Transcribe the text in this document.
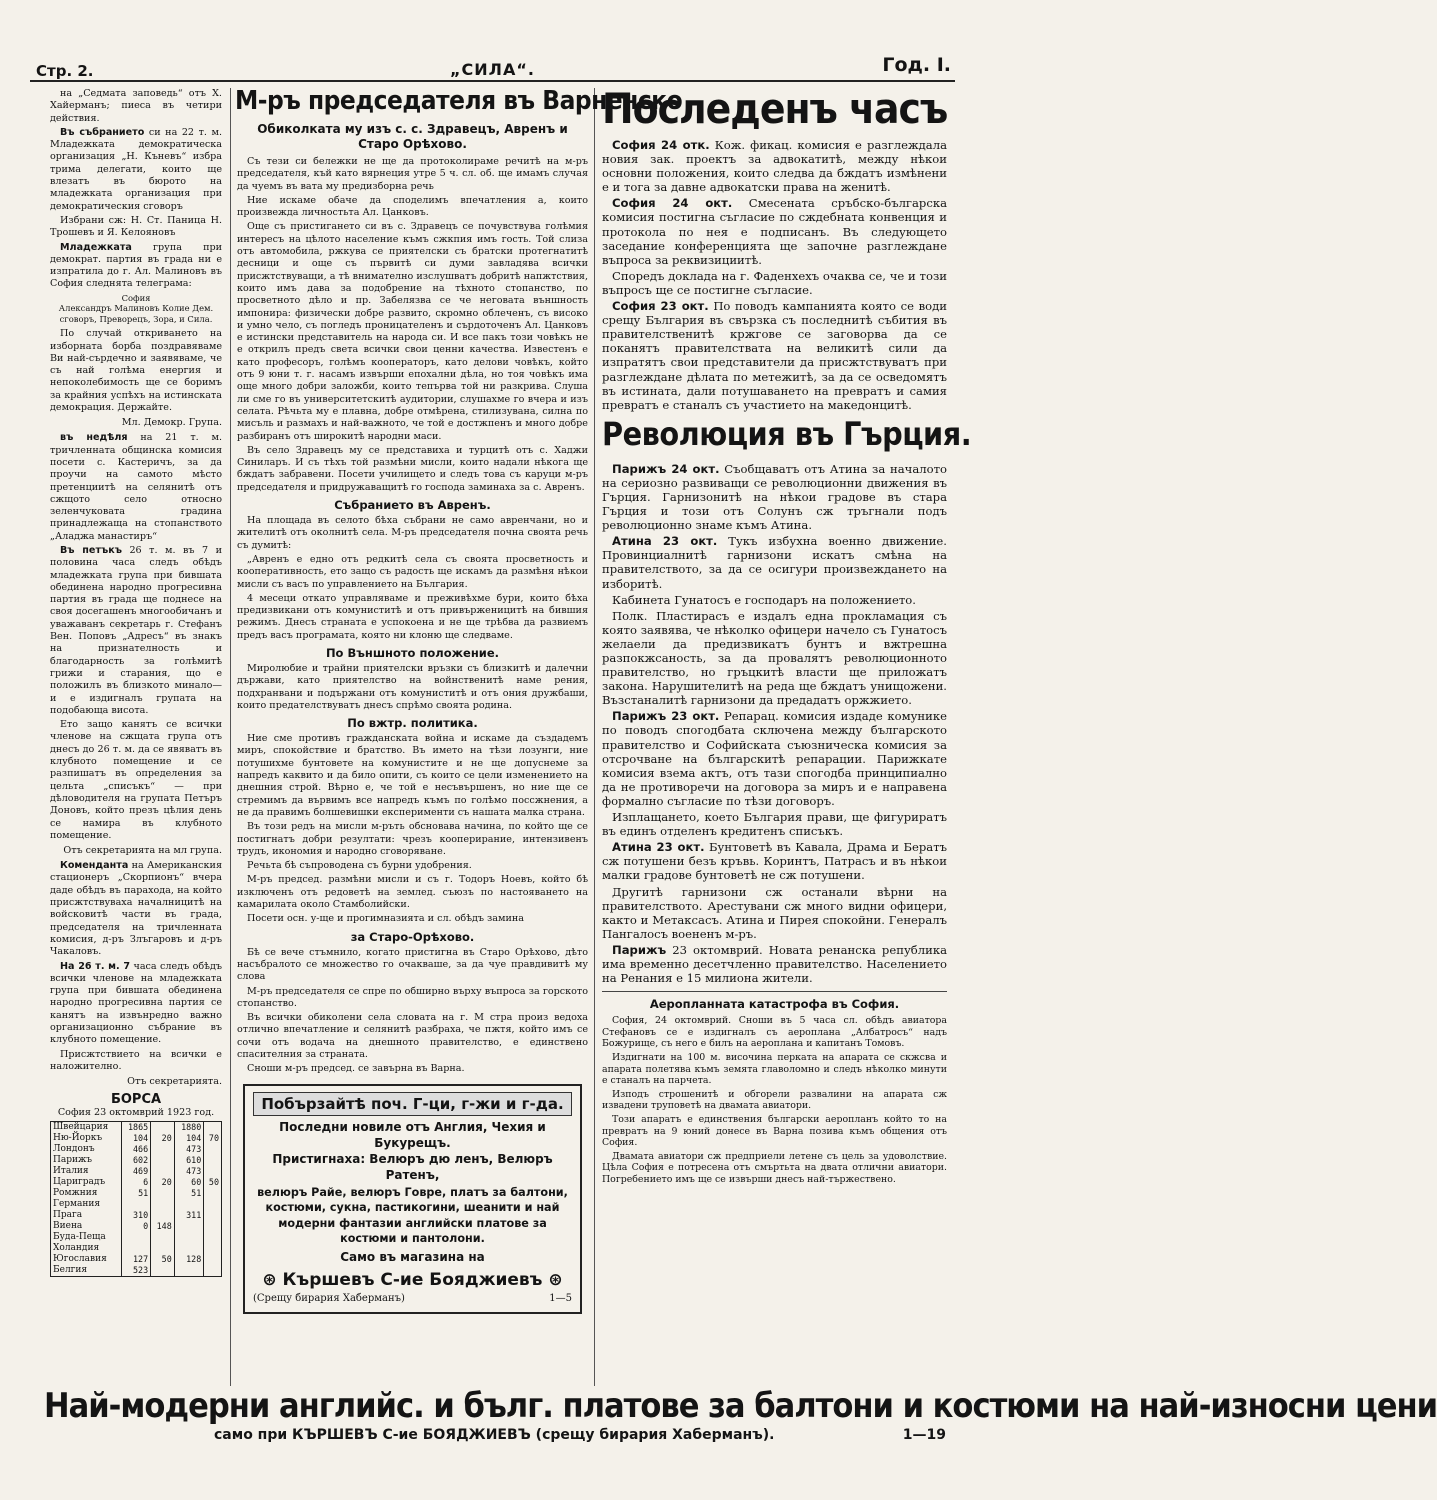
Стр. 2.	„СИЛА“.	Год. I.

на „Седмата заповедь“ отъ Х. Хайерманъ; пиеса въ четири действия.

Въ събранието си на 22 т. м. Младежката демократическа организация „Н. Къневъ“ избра трима делегати, които ще влезатъ въ бюрото на младежката организация при демократическия сговоръ

Избрани сж: Н. Ст. Паница Н. Трошевъ и Я. Келояновъ

Младежката група при демократ. партия въ града ни е изпратила до г. Ал. Малиновъ въ София следнята телеграма:

София
Александръ Малиновъ Колие Дем. сговоръ, Преворецъ, Зора, и Сила.

По случай откриването на изборната борба поздравяваме Ви най-сърдечно и заявяваме, че съ най голѣма енергия и непоколебимость ще се боримъ за крайния успѣхъ на истинската демокрация. Держайте.

Мл. Демокр. Група.

въ недѣля на 21 т. м. тричленната общинска комисия посети с. Кастеричъ, за да проучи на самото мѣсто претенциитѣ на селянитѣ отъ сжщото село относно зеленчуковата градина принадлежаща на стопанството „Аладжа манастиръ“

Въ петъкъ 26 т. м. въ 7 и половина часа следъ обѣдъ младежката група при бившата обединена народно прогресивна партия въ града ще поднесе на своя досегашенъ многообичанъ и уважаванъ секретарь г. Стефанъ Вен. Поповъ „Адресъ“ въ знакъ на признателность и благодарность за голѣмитѣ грижи и старания, що е положилъ въ близкото минало—и е издигналъ групата на подобающа висота.

Ето защо канятъ се всички членове на сжщата група отъ днесъ до 26 т. м. да се явяватъ въ клубното помещение и се разпишатъ въ определения за цельта „списъкъ“ — при дѣловодителя на групата Петъръ Доновъ, който презъ цѣлия день се намира въ клубното помещение.

Отъ секретарията на мл група.

Коменданта на Американския стационеръ „Скорпионъ“ вчера даде обѣдъ въ парахода, на който присжтствуваха началницитѣ на войсковитѣ части въ града, председателя на тричленната комисия, д-ръ Злъгаровъ и д-ръ Чакаловъ.

На 26 т. м. 7 часа следъ обѣдъ всички членове на младежката група при бившата обединена народно прогресивна партия се канятъ на извънредно важно организационно събрание въ клубното помещение.

Присжтствието на всички е наложително.

Отъ секретарията.
БОРСА
София 23 октомврий 1923 год.
Швейцария	1865		1880	
Ню-Йоркъ	104	20	104	70
Лондонъ	466		473	
Парижъ	602		610	
Италия	469		473	
Цариградъ	6	20	60	50
Ромжния	51		51	
Германия				
Прага	310		311	
Виена	0	148		
Буда-Пеща				
Холандия				
Югославия	127	50	128	
Белгия	523			
М-ръ председателя въ Варненско
Обиколката му изъ с. с. Здравецъ, Авренъ и Старо Орѣхово.

Съ тези си бележки не ще да протоколираме речитѣ на м-ръ председателя, къй като вярнеция утре 5 ч. сл. об. ще имамъ случая да чуемъ въ вата му предизборна речь

Ние искаме обаче да споделимъ впечатления а, които произвежда личностьта Ал. Цанковъ.

Още съ пристигането си въ с. Здравецъ се почувствува голѣмия интересъ на цѣлото население къмъ сжкпия имъ гость. Той слиза отъ автомобила, ржкува се приятелски съ братски протегнатитѣ десници и още съ първитѣ си думи завладява всички присжтствуващи, а тѣ внимателно изслушватъ добритѣ напжтствия, които имъ дава за подобрение на тѣхното стопанство, по просветното дѣло и пр. Забелязва се че неговата външность импонира: физически добре развито, скромно облеченъ, съ високо и умно чело, съ погледъ проницателенъ и сърдоточенъ Ал. Цанковъ е истински представитель на народа си. И все пакъ този човѣкъ не е открилъ предъ света всички свои ценни качества. Известенъ е като професоръ, голѣмъ кооператоръ, като делови човѣкъ, който отъ 9 юни т. г. насамъ извърши епохални дѣла, но тоя човѣкъ има още много добри заложби, които тепърва той ни разкрива. Слуша ли сме го въ университетскитѣ аудитории, слушахме го вчера и изъ селата. Рѣчьта му е плавна, добре отмѣрена, стилизувана, силна по мисъль и размахъ и най-важното, че той е достжпенъ и много добре разбиранъ отъ широкитѣ народни маси.

Въ село Здравецъ му се представиха и турцитѣ отъ с. Хаджи Синиларъ. И съ тѣхъ той размѣни мисли, които надали нѣкога ще бждатъ забравени. Посети училището и следъ това съ каруци м-ръ председателя и придружаващитѣ го господа заминаха за с. Авренъ.

Събранието въ Авренъ.

На площада въ селото бѣха събрани не само авренчани, но и жителитѣ отъ околнитѣ села. М-ръ председателя почна своята речь съ думитѣ:

„Авренъ е едно отъ редкитѣ села съ своята просветность и кооперативность, ето защо съ радость ще искамъ да размѣня нѣкои мисли съ васъ по управлението на България.

4 месеци откато управляваме и преживѣхме бури, които бѣха предизвикани отъ комуниститѣ и отъ привърженицитѣ на бившия режимъ. Днесъ страната е успокоена и не ще трѣбва да развиемъ предъ васъ програмата, която ни клоню ще следваме.

По Външното положение.

Миролюбие и трайни приятелски връзки съ близкитѣ и далечни държави, като приятелство на войнственитѣ наме рения, подхранвани и подържани отъ комуниститѣ и отъ ония дружбаши, които предателствуватъ днесъ спрѣмо своята родина.

По вжтр. политика.

Ние сме противъ гражданската война и искаме да създадемъ миръ, спокойствие и братство. Въ името на тѣзи лозунги, ние потушихме бунтовете на комунистите и не ще допуснеме за напредъ каквито и да било опити, съ които се цели изменението на днешния строй. Вѣрно е, че той е несъвършенъ, но ние ще се стремимъ да вървимъ все напредъ къмъ по голѣмо поссжнения, а не да правимъ болшевишки експерименти съ нашата малка страна.

Въ този редъ на мисли м-ръть обсновава начина, по който ще се постигнатъ добри резултати: чрезъ кооперирание, интензивенъ трудъ, икономия и народно сговоряване.

Речьта бѣ съпроводена съ бурни удобрения.

М-ръ председ. размѣни мисли и съ г. Тодоръ Ноевъ, който бѣ изключенъ отъ редоветѣ на землед. съюзъ по настояването на камарилата около Стамболийски.

Посети осн. у-ще и прогимназията и сл. обѣдъ замина

за Старо-Орѣхово.

Бѣ се вече стъмнило, когато пристигна въ Старо Орѣхово, дѣто насъбралото се множество го очакваше, за да чуе правдивитѣ му слова

М-ръ председателя се спре по обширно върху въпроса за горското стопанство.

Въ всички обиколени села словата на г. М стра произ ведоха отлично впечатление и селянитѣ разбраха, че пжтя, който имъ се сочи отъ водача на днешното правителство, е единствено спасителния за страната.

Сноши м-ръ председ. се завърна въ Варна.

Побързайтѣ поч. Г-ци, г-жи и г-да.
Последни новиле отъ Англия, Чехия и Букурещъ.
Пристигнаха: Велюръ дю ленъ, Велюръ Ратенъ,
велюръ Райе, велюръ Говре, платъ за балтони, костюми, сукна, пастикогини, шеанити и най модерни фантазии английски платове за костюми и пантолони.
Само въ магазина на
⊛ Кършевъ С-ие Бояджиевъ ⊛
(Срещу бирария Хаберманъ)	1—5
Последенъ часъ

София 24 отк. Кож. фикац. комисия е разглеждала новия зак. проектъ за адвокатитѣ, между нѣкои основни положения, които следва да бждатъ измѣнени е и тога за давне адвокатски права на женитѣ.

София 24 окт. Смесената сръбско-българска комисия постигна съгласие по сждебната конвенция и протокола по нея е подписанъ. Въ следующето заседание конференцията ще започне разглеждане въпроса за реквизициитѣ.

Споредъ доклада на г. Фаденхехъ очаква се, че и този въпросъ ще се постигне съгласие.

София 23 окт. По поводъ кампанията която се води срещу България въ свързка съ последнитѣ събития въ правителственитѣ кржгове се заговорва да се поканятъ правителствата на великитѣ сили да изпратятъ свои представители да присжтствуватъ при разглеждане дѣлата по метежитѣ, за да се осведомятъ въ истината, дали потушаването на превратъ и самия превратъ е станалъ съ участието на македонцитѣ.

Революция въ Гърция.

Парижъ 24 окт. Съобщаватъ отъ Атина за началото на сериозно развиващи се революционни движения въ Гърция. Гарнизонитѣ на нѣкои градове въ стара Гърция и този отъ Солунъ сж тръгнали подъ революционно знаме къмъ Атина.

Атина 23 окт. Тукъ избухна военно движение. Провинциалнитѣ гарнизони искатъ смѣна на правителството, за да се осигури произвеждането на изборитѣ.

Кабинета Гунатосъ е господаръ на положението.

Полк. Пластирасъ е издалъ една прокламация съ която заявява, че нѣколко офицери начело съ Гунатосъ желаели да предизвикатъ бунтъ и вжтрешна разпокжсаность, за да провалятъ революционното правителство, но гръцкитѣ власти ще приложатъ закона. Нарушителитѣ на реда ще бждатъ унищожени. Възстаналитѣ гарнизони да предадатъ оржжието.

Парижъ 23 окт. Репарац. комисия издаде комунике по поводъ спогодбата сключена между българското правителство и Софийската съюзническа комисия за отсрочване на българскитѣ репарации. Парижкатe комисия взема актъ, отъ тази спогодба принципиално да не противоречи на договора за миръ и е направена формално съгласие по тѣзи договоръ.

Изплащането, което България прави, ще фигуриратъ въ единъ отделенъ кредитенъ списъкъ.

Атина 23 окт. Бунтоветѣ въ Кавала, Драма и Бератъ сж потушени безъ кръвь. Коринтъ, Патрасъ и въ нѣкои малки градове бунтоветѣ не сж потушени.

Другитѣ гарнизони сж останали вѣрни на правителството. Арестувани сж много видни офицери, както и Метаксасъ. Атина и Пирея спокойни. Генералъ Пангалосъ воененъ м-ръ.

Парижъ 23 октомврий. Новата ренанска република има временно десетчленно правителство. Населението на Ренания е 15 милиона жители.

Аеропланната катастрофа въ София.

София, 24 октомврий. Сноши въ 5 часа сл. обѣдъ авиатора Стефановъ се е издигналъ съ аероплана „Албатросъ“ надъ Божурище, съ него е билъ на аероплана и капитанъ Томовъ.

Издигнати на 100 м. височина перката на апарата се скжсва и апарата полетява къмъ земята главоломно и следъ нѣколко минути е станалъ на парчета.

Изподъ строшенитѣ и обгорели развалини на апарата сж извадени труповетѣ на двамата авиатори.

Този апаратъ е единствения български аеропланъ който то на превратъ на 9 юний донесе въ Варна позива къмъ общения отъ София.

Двамата авиатори сж предприели летене съ цель за удоволствие. Цѣла София е потресена отъ смъртьта на двата отлични авиатори. Погребението имъ ще се извърши днесъ най-тържествено.

Най-модерни английс. и бълг. платове за балтони и костюми на най-износни цени
само при КЪРШЕВЪ С-ие БОЯДЖИЕВЪ (срещу бирария Хаберманъ).	1—19
